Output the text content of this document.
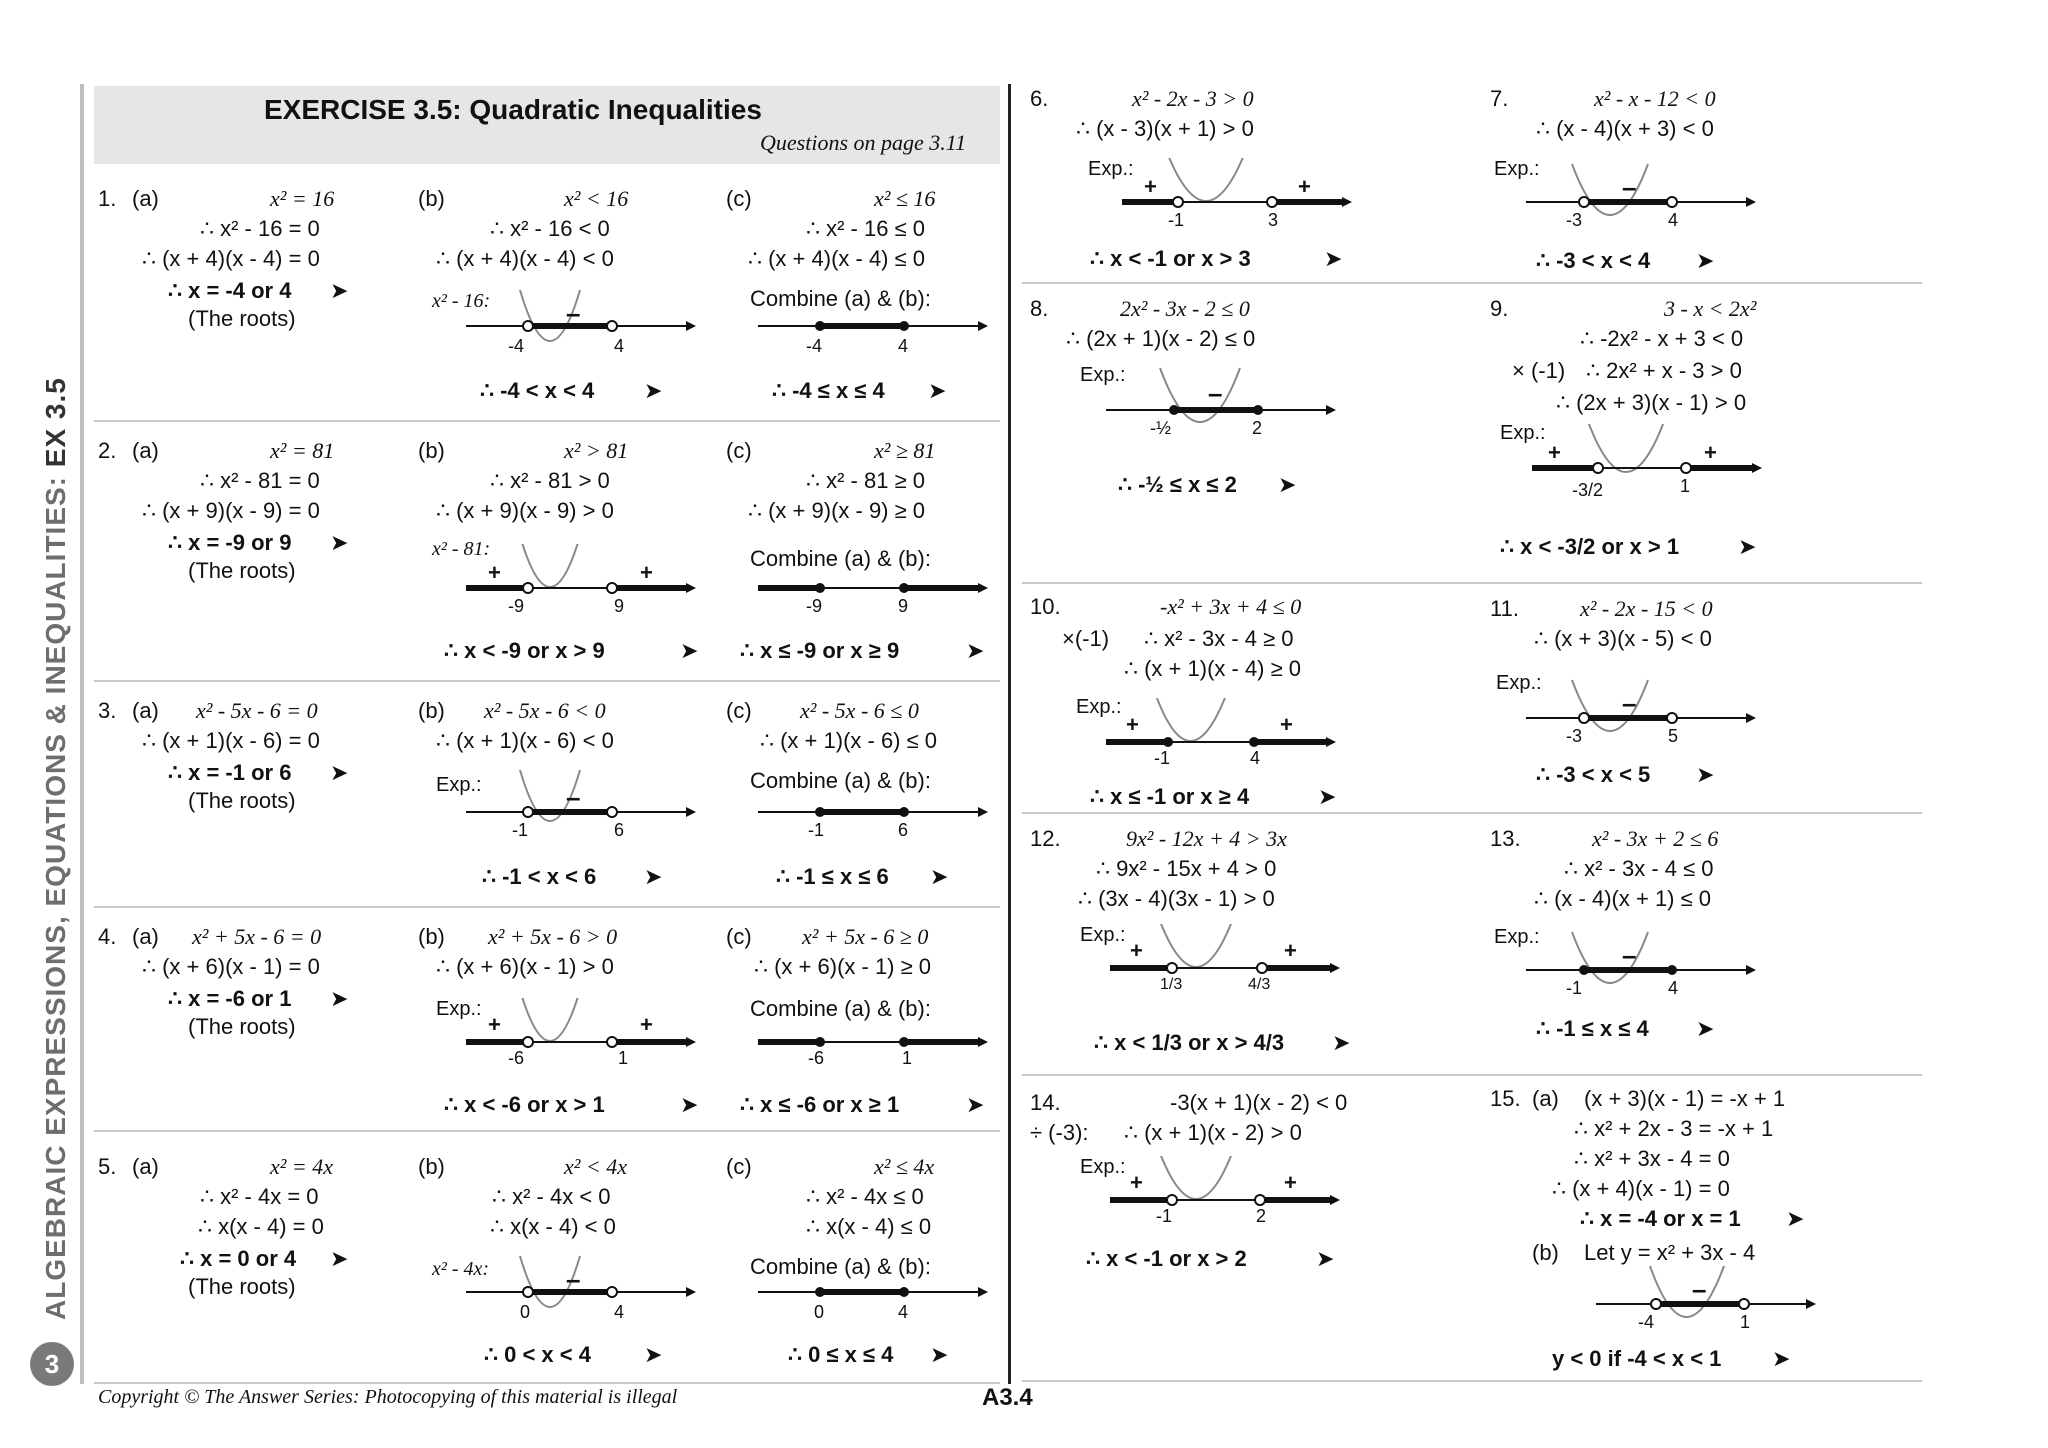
ALGEBRAIC EXPRESSIONS, EQUATIONS & INEQUALITIES: EX 3.5
3
EXERCISE 3.5: Quadratic Inequalities
Questions on page 3.11
1. (a)	x² = 16
∴ x² - 16 = 0
∴ (x + 4)(x - 4) = 0
∴ x = -4 or 4 ➤
(The roots)
(b)	x² < 16
∴ x² - 16 < 0
∴ (x + 4)(x - 4) < 0
x² - 16:	–
-4	4
∴ -4 < x < 4 ➤
(c)	x² ≤ 16
∴ x² - 16 ≤ 0
∴ (x + 4)(x - 4) ≤ 0
Combine (a) & (b):
-4	4
∴ -4 ≤ x ≤ 4 ➤
2. (a)	x² = 81
∴ x² - 81 = 0
∴ (x + 9)(x - 9) = 0
∴ x = -9 or 9 ➤
(The roots)
(b)	x² > 81
∴ x² - 81 > 0
∴ (x + 9)(x - 9) > 0
x² - 81:
+	+
-9	9
∴ x < -9 or x > 9	➤
(c)	x² ≥ 81
∴ x² - 81 ≥ 0
∴ (x + 9)(x - 9) ≥ 0
Combine (a) & (b):
-9	9
∴ x ≤ -9 or x ≥ 9	➤
3. (a) x² - 5x - 6 = 0
∴ (x + 1)(x - 6) = 0
∴ x = -1 or 6 ➤
(The roots)
(b) x² - 5x - 6 < 0
∴ (x + 1)(x - 6) < 0
Exp.:	–
-1	6
∴ -1 < x < 6 ➤
(c) x² - 5x - 6 ≤ 0
∴ (x + 1)(x - 6) ≤ 0
Combine (a) & (b):
-1	6
∴ -1 ≤ x ≤ 6 ➤
4. (a) x² + 5x - 6 = 0
∴ (x + 6)(x - 1) = 0
∴ x = -6 or 1 ➤
(The roots)
(b) x² + 5x - 6 > 0
∴ (x + 6)(x - 1) > 0
Exp.:
+	+
-6	1
∴ x < -6 or x > 1	➤
(c) x² + 5x - 6 ≥ 0
∴ (x + 6)(x - 1) ≥ 0
Combine (a) & (b):
-6	1
∴ x ≤ -6 or x ≥ 1	➤
5. (a)	x² = 4x
∴ x² - 4x = 0
∴ x(x - 4) = 0
∴ x = 0 or 4 ➤
(The roots)
(b)	x² < 4x
∴ x² - 4x < 0
∴ x(x - 4) < 0
x² - 4x:	–
0	4
∴ 0 < x < 4 ➤
(c)	x² ≤ 4x
∴ x² - 4x ≤ 0
∴ x(x - 4) ≤ 0
Combine (a) & (b):
0	4
∴ 0 ≤ x ≤ 4 ➤
6.	x² - 2x - 3 > 0
∴ (x - 3)(x + 1) > 0
Exp.:
+	+
-1	3
∴ x < -1 or x > 3	➤
7.	x² - x - 12 < 0
∴ (x - 4)(x + 3) < 0
Exp.:
–
-3	4
∴ -3 < x < 4 ➤
8.	2x² - 3x - 2 ≤ 0
∴ (2x + 1)(x - 2) ≤ 0
Exp.:
–
-½	2
∴ -½ ≤ x ≤ 2 ➤
9.	3 - x < 2x²
∴ -2x² - x + 3 < 0
× (-1) ∴ 2x² + x - 3 > 0
∴ (2x + 3)(x - 1) > 0
Exp.:
+	+
-3/2	1
∴ x < -3/2 or x > 1	➤
10.	-x² + 3x + 4 ≤ 0
×(-1) ∴ x² - 3x - 4 ≥ 0
∴ (x + 1)(x - 4) ≥ 0
Exp.:
+	+
-1	4
∴ x ≤ -1 or x ≥ 4	➤
11.	x² - 2x - 15 < 0
∴ (x + 3)(x - 5) < 0
Exp.:
–
-3	5
∴ -3 < x < 5 ➤
12.	9x² - 12x + 4 > 3x
∴ 9x² - 15x + 4 > 0
∴ (3x - 4)(3x - 1) > 0
Exp.:
+	+
1/3	4/3
∴ x < 1/3 or x > 4/3 ➤
13.	x² - 3x + 2 ≤ 6
∴ x² - 3x - 4 ≤ 0
∴ (x - 4)(x + 1) ≤ 0
Exp.:
–
-1	4
∴ -1 ≤ x ≤ 4 ➤
14.	-3(x + 1)(x - 2) < 0
÷ (-3): ∴ (x + 1)(x - 2) > 0
Exp.:
+	+
-1	2
∴ x < -1 or x > 2	➤
15. (a) (x + 3)(x - 1) = -x + 1
∴ x² + 2x - 3 = -x + 1
∴ x² + 3x - 4 = 0
∴ (x + 4)(x - 1) = 0
∴ x = -4 or x = 1 ➤
(b) Let y = x² + 3x - 4
–
-4	1
y < 0 if -4 < x < 1 ➤
Copyright © The Answer Series: Photocopying of this material is illegal	A3.4
